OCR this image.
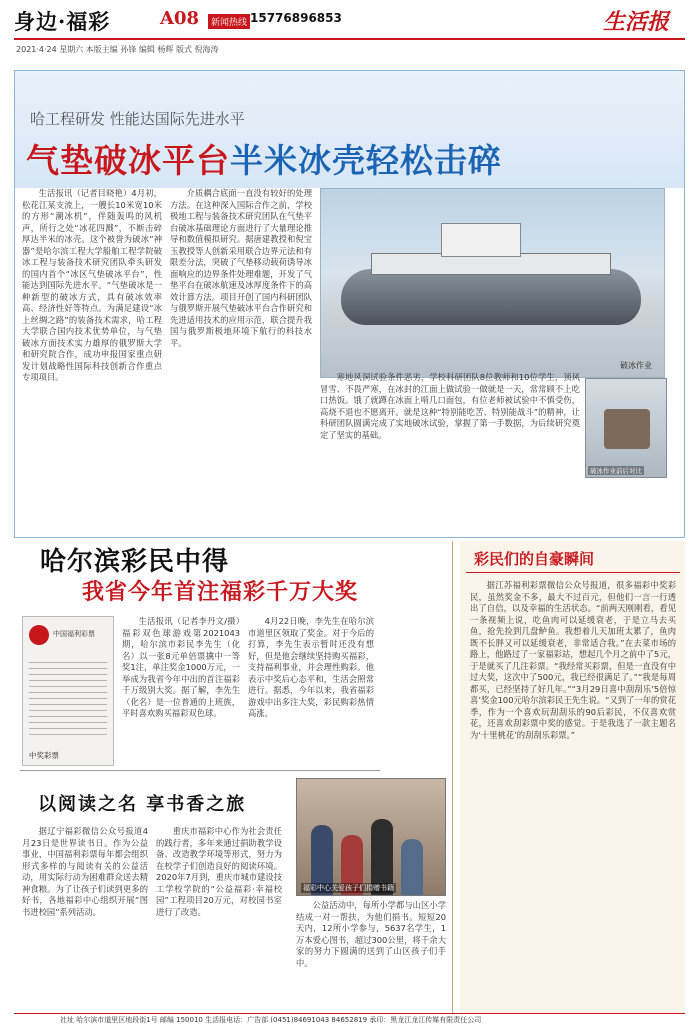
身边·福彩	A08	新闻热线 15776896853	生活报
2021·4·24 星期六 本版主编 孙锋 编辑 杨辉 版式 倪海涛
哈工程研发 性能达国际先进水平
气垫破冰平台半米冰壳轻松击碎

生活报讯（记者目晓艳）4月初，松花江某支流上，一艘长10米宽10米的方形“潮冰机”，伴随轰鸣的风机声，所行之处“冰花四溅”，不断击碎厚达半米的冰壳。这个被誉为破冰“神器”是哈尔滨工程大学船舶工程学院破冰工程与装备技术研究团队牵头研发的国内首个“冰区气垫破冰平台”，性能达到国际先进水平。“气垫破冰是一种新型的破冰方式，具有破冰效率高、经济性好等特点。为满足建设“冰上丝绸之路”的装备技术需求，哈工程大学联合国内技术优势单位，与气垫破冰方面技术实力雄厚的俄罗斯大学和研究院合作，成功申报国家重点研发计划战略性国际科技创新合作重点专项项目。

介质耦合底面一直没有较好的处理方法。在这种深入国际合作之前，学校极地工程与装备技术研究团队在气垫平台破冰基础理论方面进行了大量理论推导和数值模拟研究。据唐建教授和倪宝玉教授等人创新采用联合边界元法和有限差分法，突破了气垫移动载荷诱导冰面响应的边界条件处理难题，开发了气垫平台在破冰航速及冰厚度条件下的高效计算方法。项目开创了国内科研团队与俄罗斯开展气垫破冰平台合作研究和先进适用技术的应用示范，联合提升我国与俄罗斯极地环境下航行的科技水平。

破冰作业

寒地风洞试验条件恶劣，学校科研团队8位教师和10位学生，顶风冒雪、不畏严寒，在冰封的江面上做试验一做就是一天，常常顾不上吃口热饭。饿了就蹲在冰面上啃几口面包，有位老师被试验中不慎受伤，高烧不退也不愿离开。就是这种“特别能吃苦、特别能战斗”的精神，让科研团队圆满完成了实地破冰试验，掌握了第一手数据，为后续研究奠定了坚实的基础。

破冰作业前后对比
哈尔滨彩民中得
我省今年首注福彩千万大奖
中国福利彩票
中奖彩票

生活报讯（记者李丹文/摄）福彩双色球游戏第2021043期，哈尔滨市彩民李先生（化名）以一张8元单倍票擒中一等奖1注，单注奖金1000万元，一举成为我省今年中出的首注福彩千万级别大奖。据了解，李先生（化名）是一位普通的上班族，平时喜欢购买福彩双色球。

4月22日晚，李先生在哈尔滨市道里区领取了奖金。对于今后的打算，李先生表示暂时还没有想好，但是他会继续坚持购买福彩，支持福利事业，并会理性购彩。他表示中奖后心态平和，生活会照常进行。据悉，今年以来，我省福彩游戏中出多注大奖，彩民购彩热情高涨。

以阅读之名 享书香之旅

据辽宁福彩微信公众号报道4月23日是世界读书日。作为公益事业，中国福利彩票每年都会组织形式多样的与阅读有关的公益活动，用实际行动为困难群众送去精神食粮。为了让孩子们读到更多的好书，各地福彩中心组织开展“图书进校园”系列活动。

重庆市福彩中心作为社会责任的践行者，多年来通过捐助教学设备、改造教学环境等形式，努力为在校学子们创造良好的阅读环境。2020年7月到，重庆市城市建设技工学校学院的“公益福彩·幸福校园”工程项目20万元，对校园书室进行了改造。

福彩中心关爱孩子们捐赠书籍

公益活动中，每所小学都与山区小学结成一对一帮扶，为他们捐书。短短20天内，12所小学参与，5637名学生，1万本爱心图书，超过300公里，将千余大家的努力下圆满的送到了山区孩子们手中。

彩民们的自豪瞬间

据江苏福利彩票微信公众号报道，很多福彩中奖彩民，虽然奖金不多，最大不过百元，但他们一言一行透出了自信，以及幸福的生活状态。“前两天刚刚看，看见一条视频上说，吃鱼肉可以延缓衰老，于是立马去买鱼，抢先捡到几盘鲈鱼。我想着儿天加班太累了，鱼肉既不长胖又可以延缓衰老，非常适合我。”在去菜市场的路上，他路过了一家福彩站，想起几个月之前中了5元，于是就买了几注彩票。“我经常买彩票，但是一直没有中过大奖，这次中了500元，我已经很满足了。”“我是每周都买，已经坚持了好几年。”“3月29日喜中刮刮乐’5倍惊喜’奖金100元哈尔滨彩民王先生说。“又到了一年的赏花季，作为一个喜欢玩刮刮乐的90后彩民，不仅喜欢赏花，还喜欢刮彩票中奖的感觉。于是我选了一款主题名为‘十里桃花’的刮刮乐彩票。”

社址 哈尔滨市道里区地段街1号 邮编 150010 生活报电话：广告部 (0451)84691043 84652819 承印：黑龙江龙江传媒有限责任公司
